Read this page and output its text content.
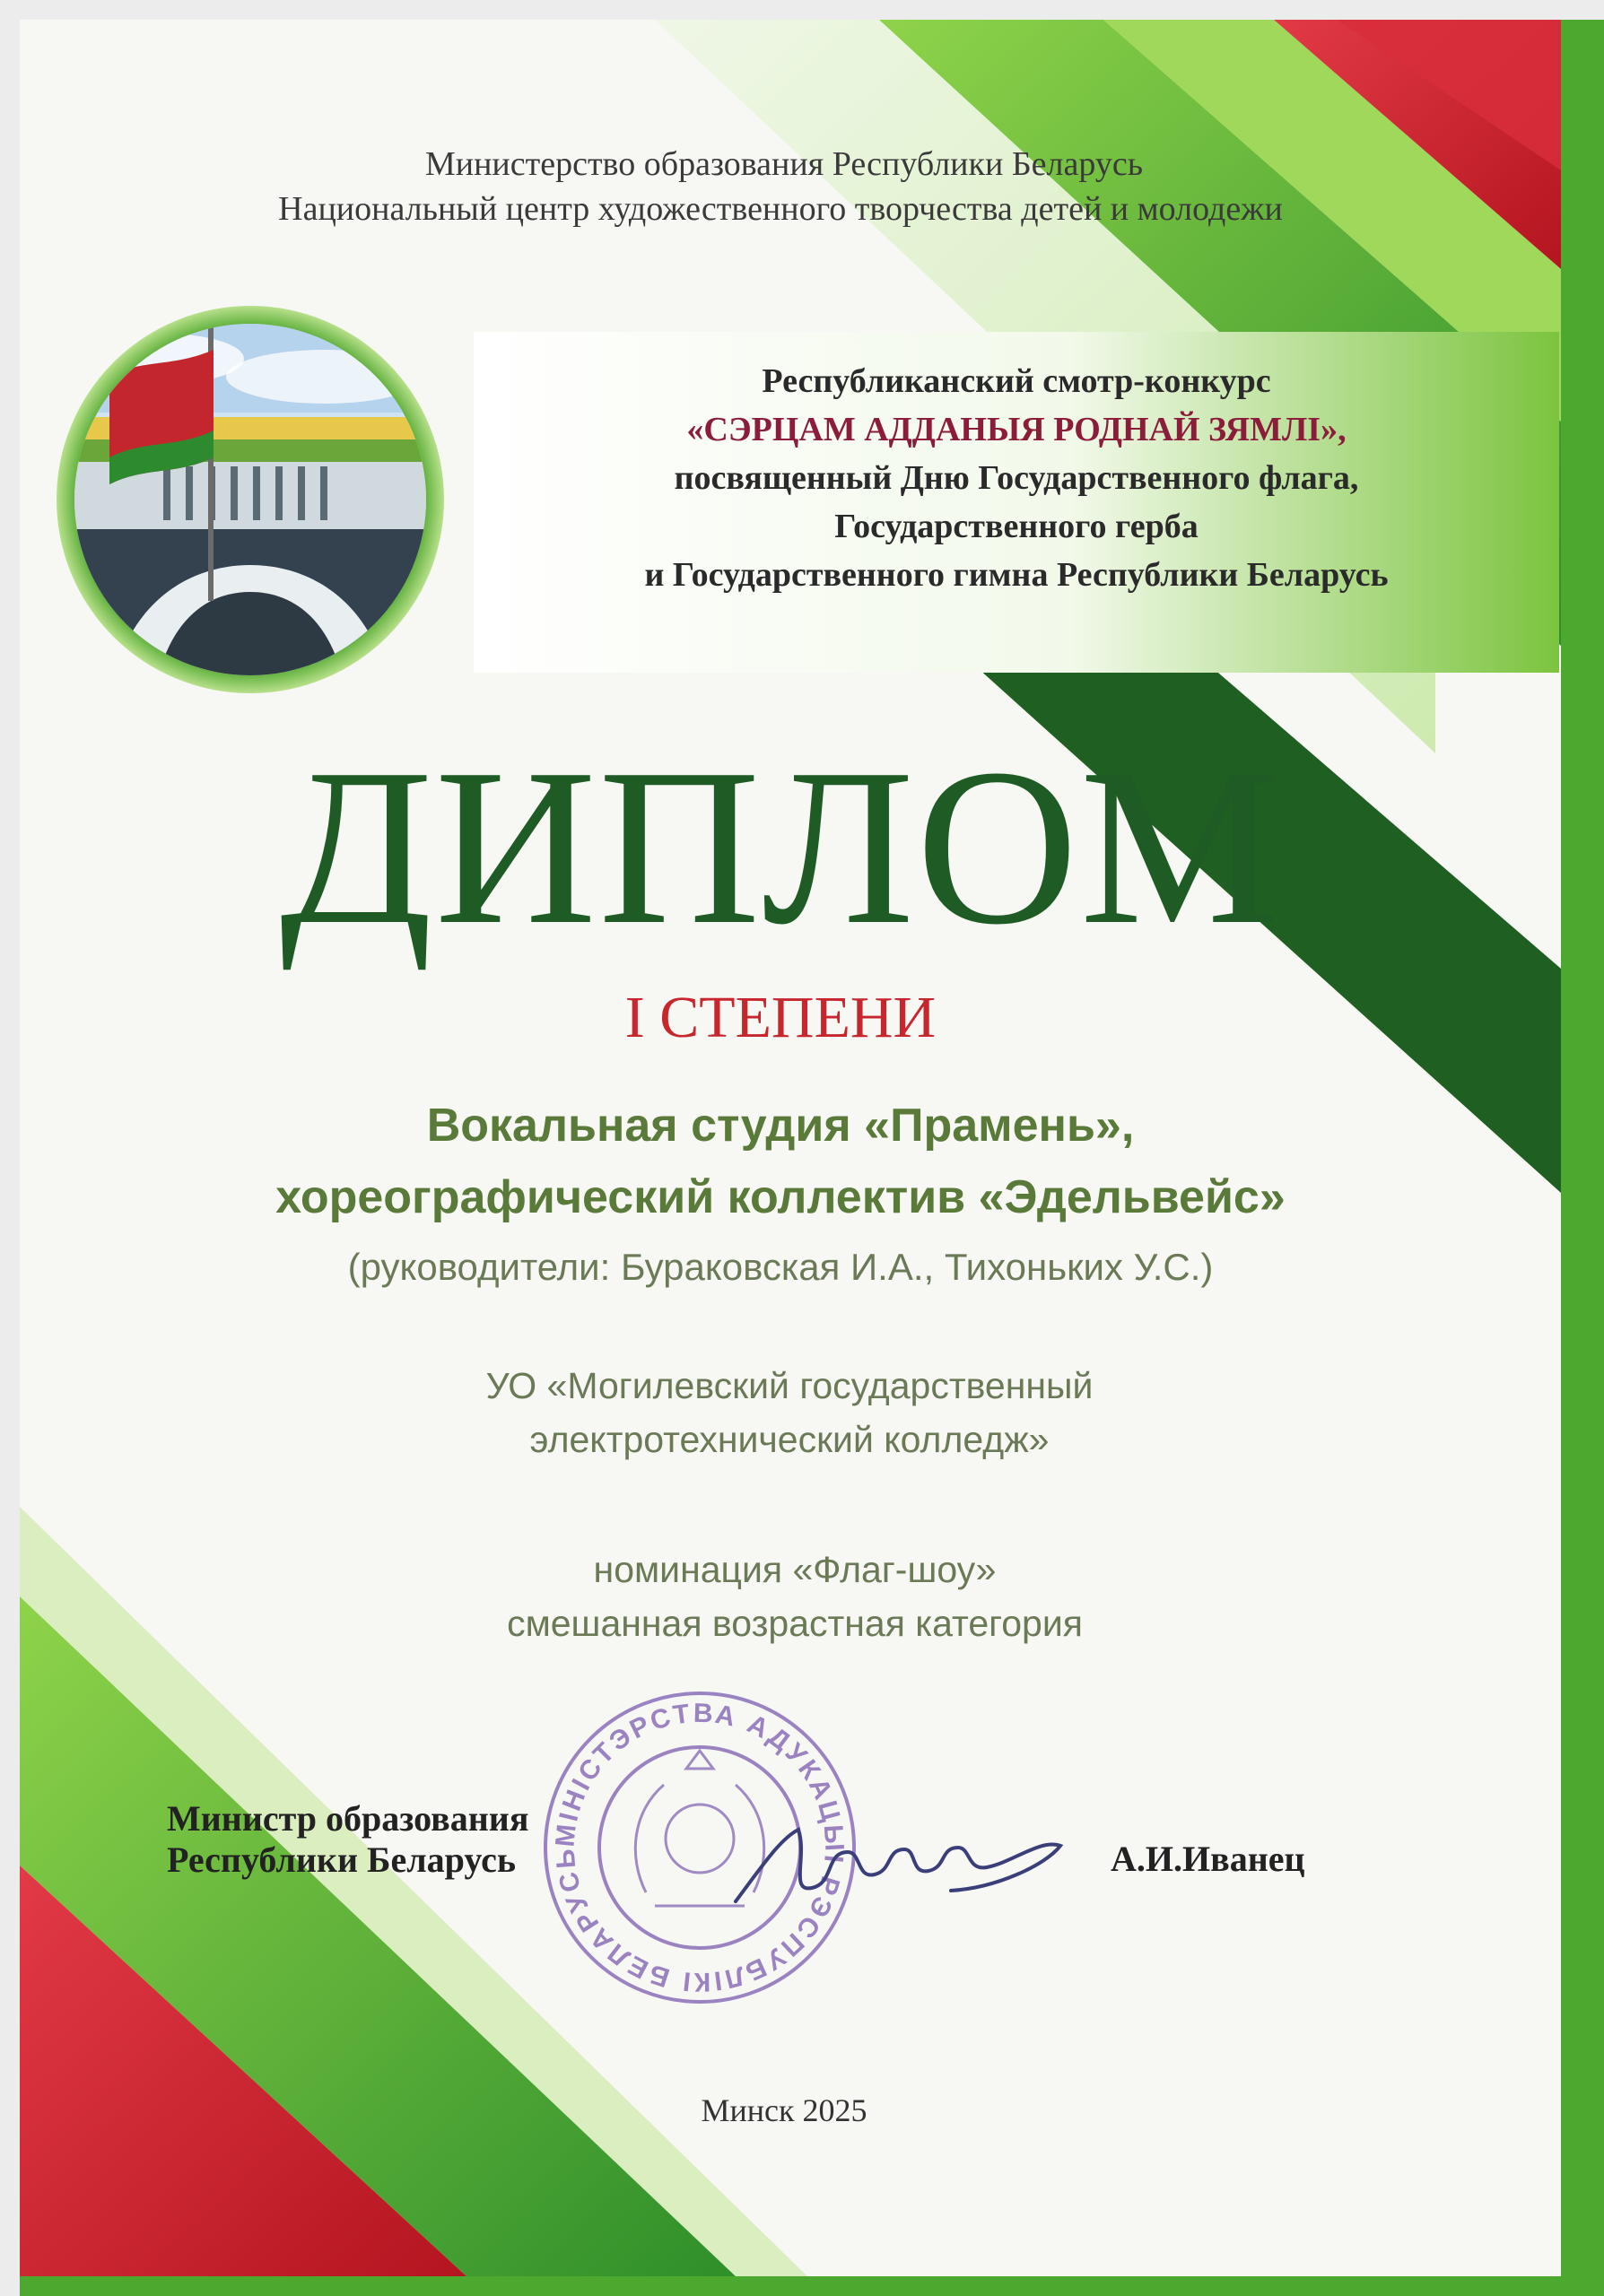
Министерство образования Республики Беларусь
Национальный центр художественного творчества детей и молодежи
Республиканский смотр-конкурс
«СЭРЦАМ АДДАНЫЯ РОДНАЙ ЗЯМЛІ»,
посвященный Дню Государственного флага,
Государственного герба
и Государственного гимна Республики Беларусь
ДИПЛОМ
I СТЕПЕНИ
Вокальная студия «Прамень»,
хореографический коллектив «Эдельвейс»
(руководители: Бураковская И.А., Тихоньких У.С.)
УО «Могилевский государственный
электротехнический колледж»
номинация «Флаг-шоу»
смешанная возрастная категория
МІНІСТЭРСТВА АДУКАЦЫІ РЭСПУБЛІКІ БЕЛАРУСЬ
Министр образования
Республики Беларусь	А.И.Иванец
Минск 2025
